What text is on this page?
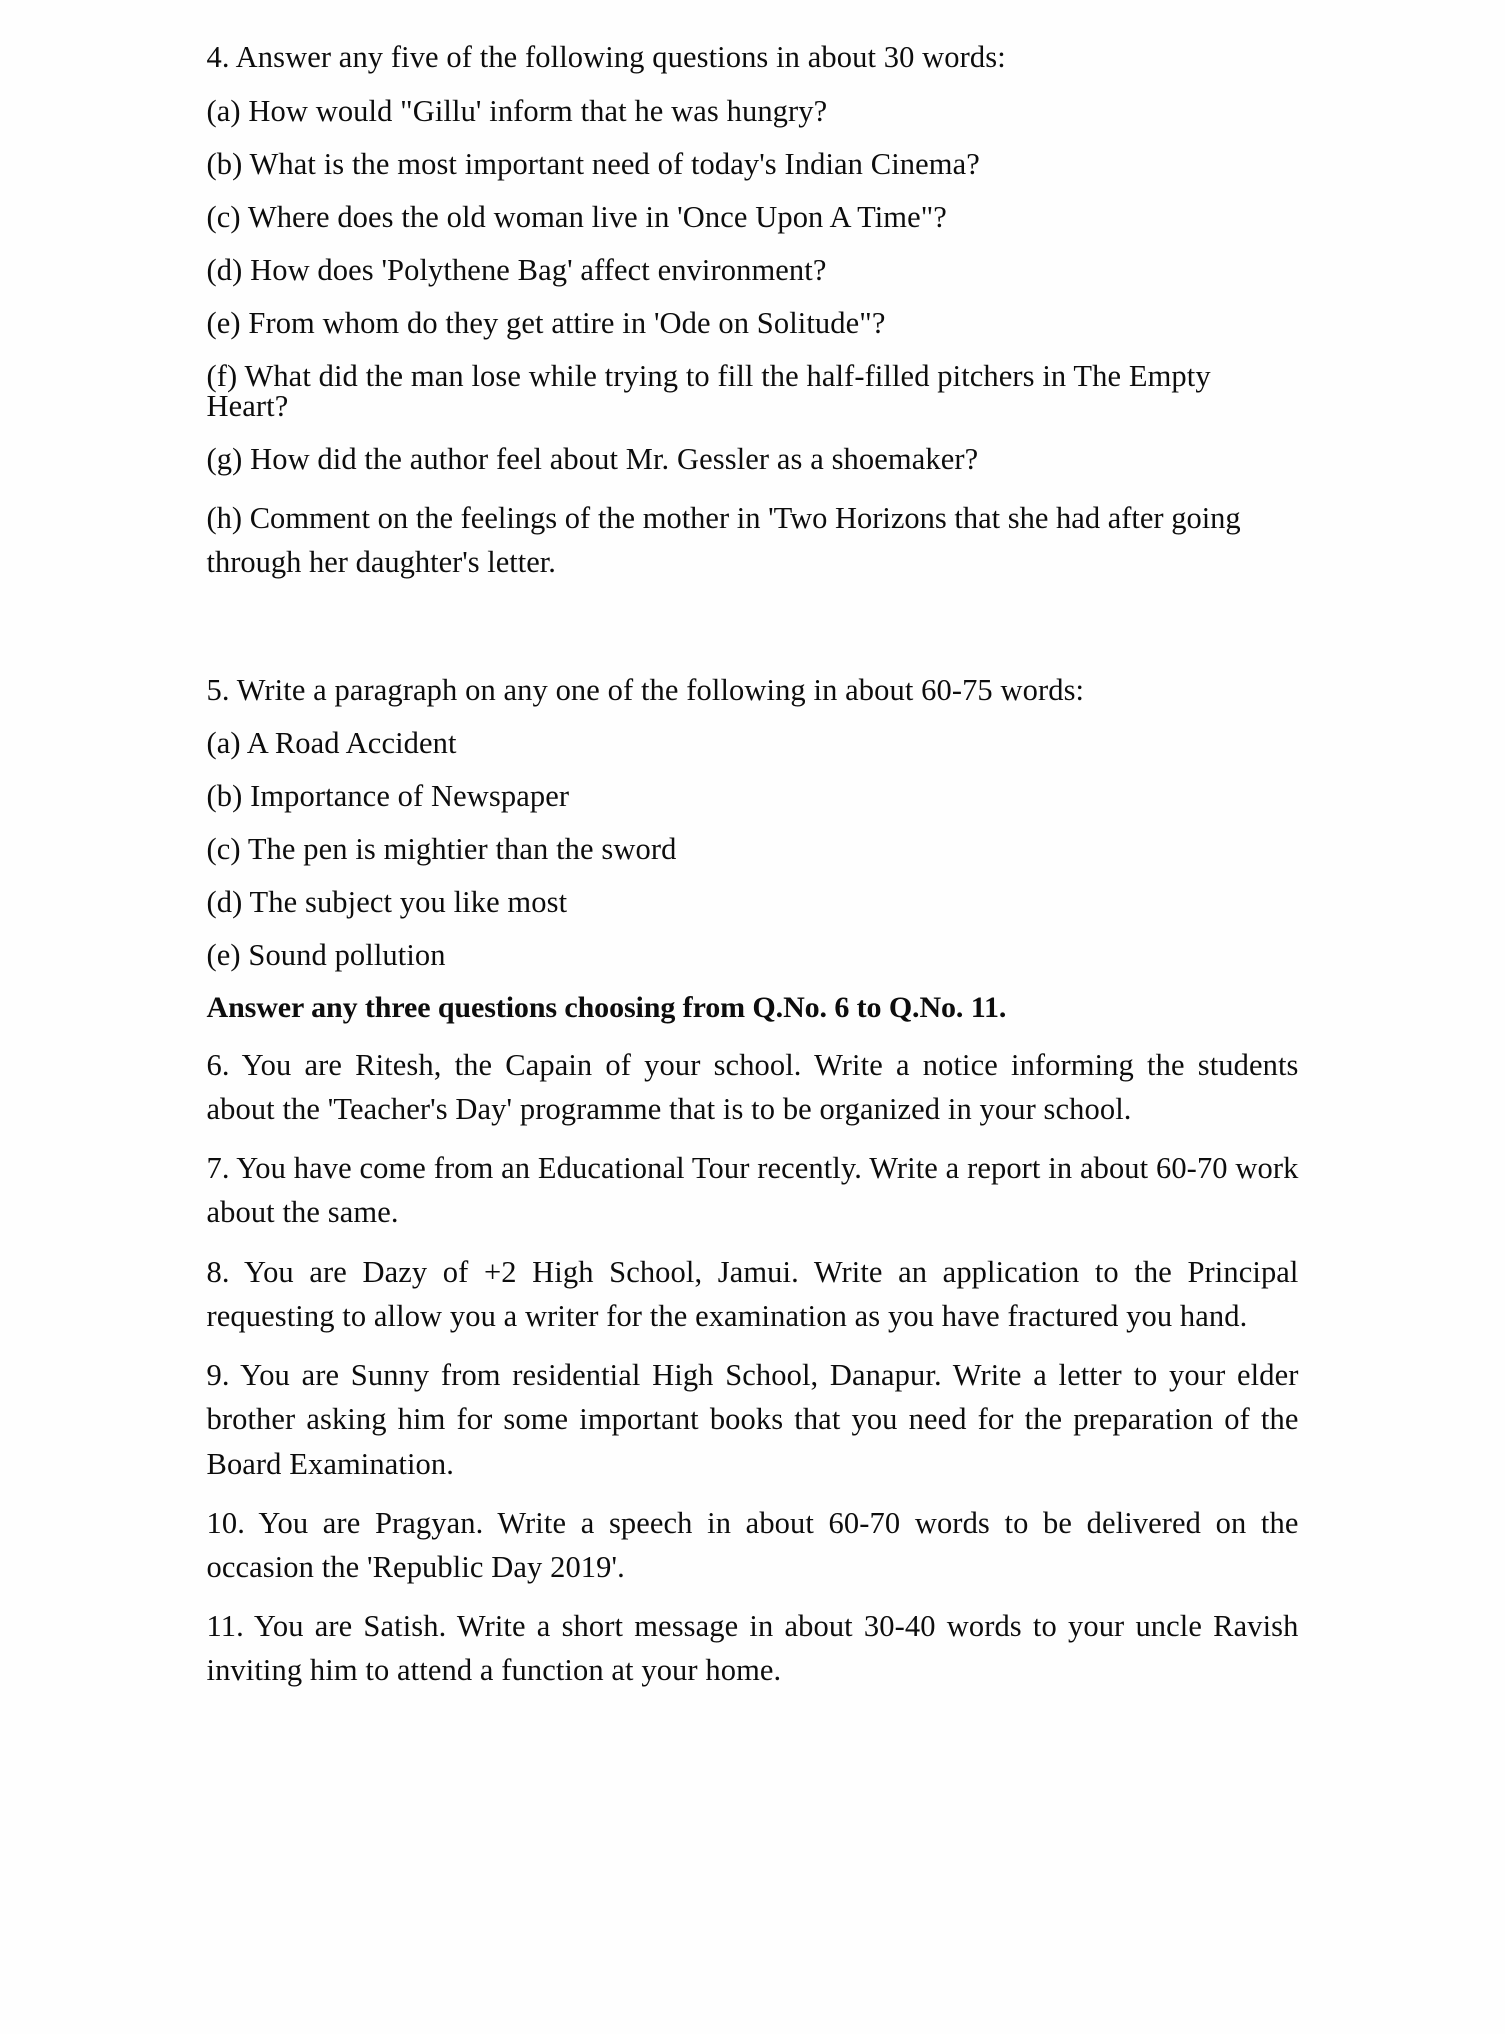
4. Answer any five of the following questions in about 30 words:

(a) How would "Gillu' inform that he was hungry?

(b) What is the most important need of today's Indian Cinema?

(c) Where does the old woman live in 'Once Upon A Time"?

(d) How does 'Polythene Bag' affect environment?

(e) From whom do they get attire in 'Ode on Solitude"?

(f) What did the man lose while trying to fill the half-filled pitchers in The Empty Heart?

(g) How did the author feel about Mr. Gessler as a shoemaker?

(h) Comment on the feelings of the mother in 'Two Horizons that she had after going through her daughter's letter.

5. Write a paragraph on any one of the following in about 60-75 words:

(a) A Road Accident

(b) Importance of Newspaper

(c) The pen is mightier than the sword

(d) The subject you like most

(e) Sound pollution

Answer any three questions choosing from Q.No. 6 to Q.No. 11.

6. You are Ritesh, the Capain of your school. Write a notice informing the students about the 'Teacher's Day' programme that is to be organized in your school.

7. You have come from an Educational Tour recently. Write a report in about 60-70 work about the same.

8. You are Dazy of +2 High School, Jamui. Write an application to the Principal requesting to allow you a writer for the examination as you have fractured you hand.

9. You are Sunny from residential High School, Danapur. Write a letter to your elder brother asking him for some important books that you need for the preparation of the Board Examination.

10. You are Pragyan. Write a speech in about 60-70 words to be delivered on the occasion the 'Republic Day 2019'.

11. You are Satish. Write a short message in about 30-40 words to your uncle Ravish inviting him to attend a function at your home.
